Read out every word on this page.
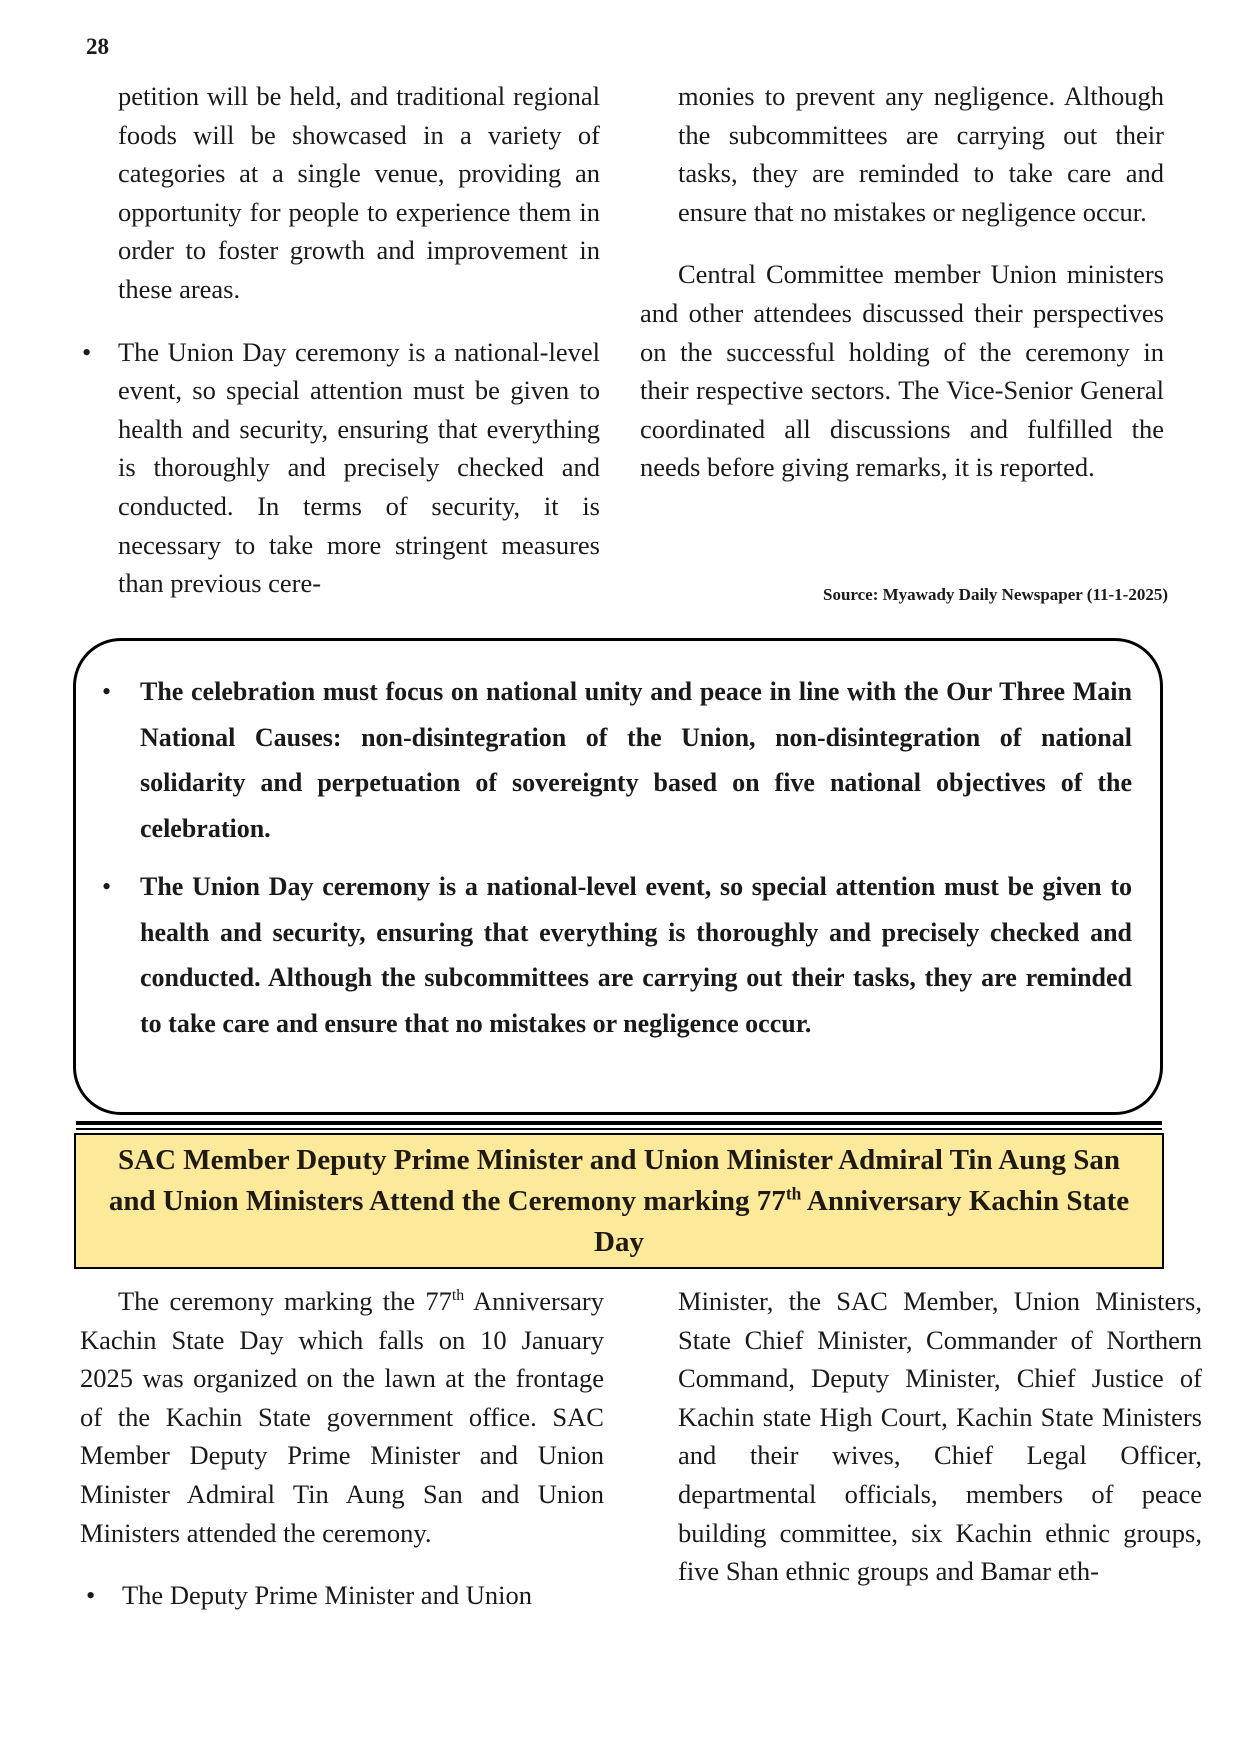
28

petition will be held, and traditional regional foods will be showcased in a variety of categories at a single venue, providing an opportunity for people to experience them in order to foster growth and improvement in these areas.

• The Union Day ceremony is a national-level event, so special attention must be given to health and security, ensuring that everything is thoroughly and precisely checked and conducted. In terms of security, it is necessary to take more stringent measures than previous cere-

monies to prevent any negligence. Although the subcommittees are carrying out their tasks, they are reminded to take care and ensure that no mistakes or negligence occur.

Central Committee member Union ministers and other attendees discussed their perspectives on the successful holding of the ceremony in their respective sectors. The Vice-Senior General coordinated all discussions and fulfilled the needs before giving remarks, it is reported.

Source: Myawady Daily Newspaper (11-1-2025)
• The celebration must focus on national unity and peace in line with the Our Three Main National Causes: non-disintegration of the Union, non-disintegration of national solidarity and perpetuation of sovereignty based on five national objectives of the celebration.
• The Union Day ceremony is a national-level event, so special attention must be given to health and security, ensuring that everything is thoroughly and precisely checked and conducted. Although the subcommittees are carrying out their tasks, they are reminded to take care and ensure that no mistakes or negligence occur.
SAC Member Deputy Prime Minister and Union Minister Admiral Tin Aung San and Union Ministers Attend the Ceremony marking 77th Anniversary Kachin State Day

The ceremony marking the 77th Anniversary Kachin State Day which falls on 10 January 2025 was organized on the lawn at the frontage of the Kachin State government office. SAC Member Deputy Prime Minister and Union Minister Admiral Tin Aung San and Union Ministers attended the ceremony.

• The Deputy Prime Minister and Union

Minister, the SAC Member, Union Ministers, State Chief Minister, Commander of Northern Command, Deputy Minister, Chief Justice of Kachin state High Court, Kachin State Ministers and their wives, Chief Legal Officer, departmental officials, members of peace building committee, six Kachin ethnic groups, five Shan ethnic groups and Bamar eth-
